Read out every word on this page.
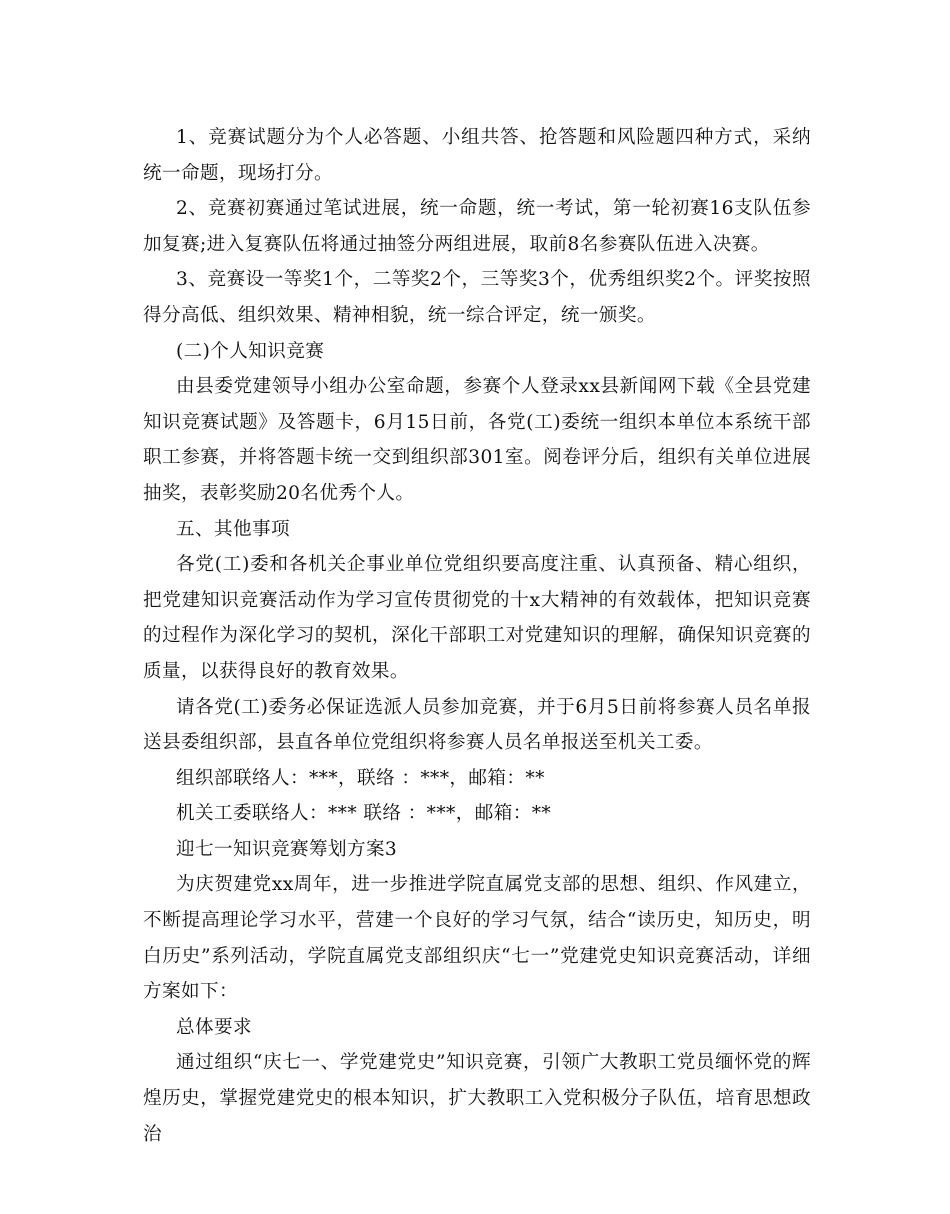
1、竞赛试题分为个人必答题、小组共答、抢答题和风险题四种方式，采纳统一命题，现场打分。

2、竞赛初赛通过笔试进展，统一命题，统一考试，第一轮初赛16支队伍参加复赛;进入复赛队伍将通过抽签分两组进展，取前8名参赛队伍进入决赛。

3、竞赛设一等奖1个，二等奖2个，三等奖3个，优秀组织奖2个。评奖按照得分高低、组织效果、精神相貌，统一综合评定，统一颁奖。

(二)个人知识竞赛

由县委党建领导小组办公室命题，参赛个人登录xx县新闻网下载《全县党建知识竞赛试题》及答题卡，6月15日前，各党(工)委统一组织本单位本系统干部职工参赛，并将答题卡统一交到组织部301室。阅卷评分后，组织有关单位进展抽奖，表彰奖励20名优秀个人。

五、其他事项

各党(工)委和各机关企事业单位党组织要高度注重、认真预备、精心组织，把党建知识竞赛活动作为学习宣传贯彻党的十x大精神的有效载体，把知识竞赛的过程作为深化学习的契机，深化干部职工对党建知识的理解，确保知识竞赛的质量，以获得良好的教育效果。

请各党(工)委务必保证选派人员参加竞赛，并于6月5日前将参赛人员名单报送县委组织部，县直各单位党组织将参赛人员名单报送至机关工委。

组织部联络人：***，联络 ：***，邮箱：**

机关工委联络人：*** 联络 ：***，邮箱：**

迎七一知识竞赛筹划方案3

为庆贺建党xx周年，进一步推进学院直属党支部的思想、组织、作风建立，不断提高理论学习水平，营建一个良好的学习气氛，结合“读历史，知历史，明白历史”系列活动，学院直属党支部组织庆“七一”党建党史知识竞赛活动，详细方案如下：

总体要求

通过组织“庆七一、学党建党史”知识竞赛，引领广大教职工党员缅怀党的辉煌历史，掌握党建党史的根本知识，扩大教职工入党积极分子队伍，培育思想政治
